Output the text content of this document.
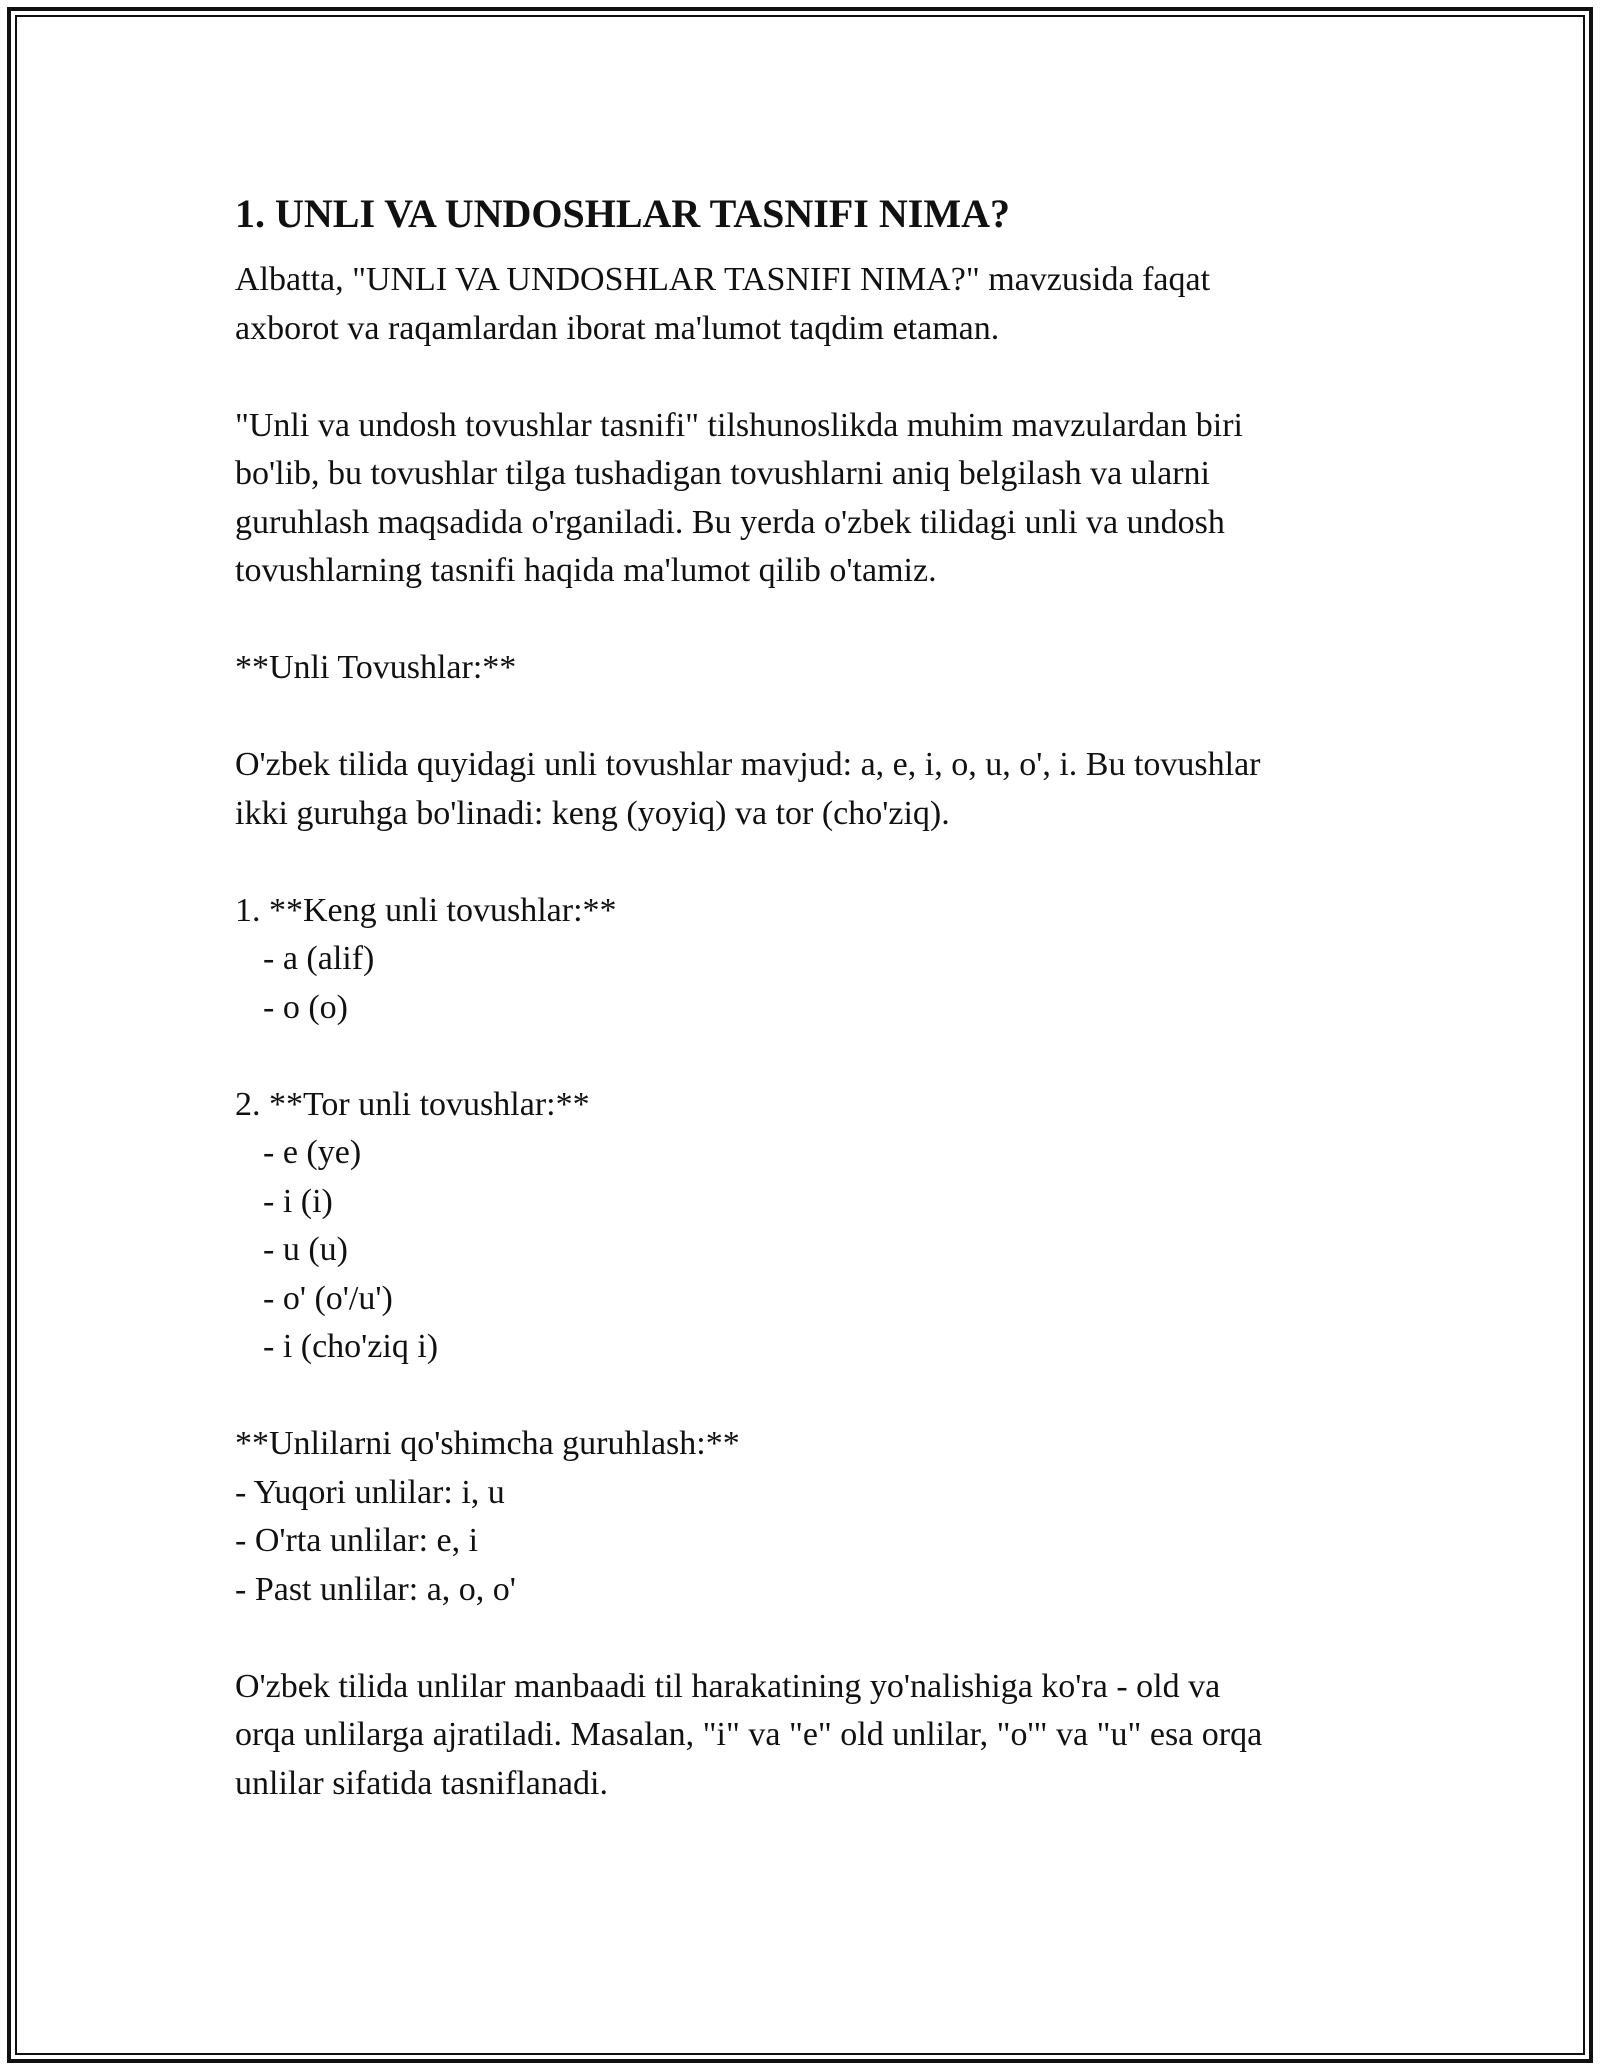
1. UNLI VA UNDOSHLAR TASNIFI NIMA?

Albatta, "UNLI VA UNDOSHLAR TASNIFI NIMA?" mavzusida faqat
axborot va raqamlardan iborat ma'lumot taqdim etaman.

"Unli va undosh tovushlar tasnifi" tilshunoslikda muhim mavzulardan biri
bo'lib, bu tovushlar tilga tushadigan tovushlarni aniq belgilash va ularni
guruhlash maqsadida o'rganiladi. Bu yerda o'zbek tilidagi unli va undosh
tovushlarning tasnifi haqida ma'lumot qilib o'tamiz.

**Unli Tovushlar:**

O'zbek tilida quyidagi unli tovushlar mavjud: a, e, i, o, u, o', i. Bu tovushlar
ikki guruhga bo'linadi: keng (yoyiq) va tor (cho'ziq).

1. **Keng unli tovushlar:**

- a (alif)

- o (o)

2. **Tor unli tovushlar:**

- e (ye)

- i (i)

- u (u)

- o' (o'/u')

- i (cho'ziq i)

**Unlilarni qo'shimcha guruhlash:**

- Yuqori unlilar: i, u

- O'rta unlilar: e, i

- Past unlilar: a, o, o'

O'zbek tilida unlilar manbaadi til harakatining yo'nalishiga ko'ra - old va
orqa unlilarga ajratiladi. Masalan, "i" va "e" old unlilar, "o'" va "u" esa orqa
unlilar sifatida tasniflanadi.
